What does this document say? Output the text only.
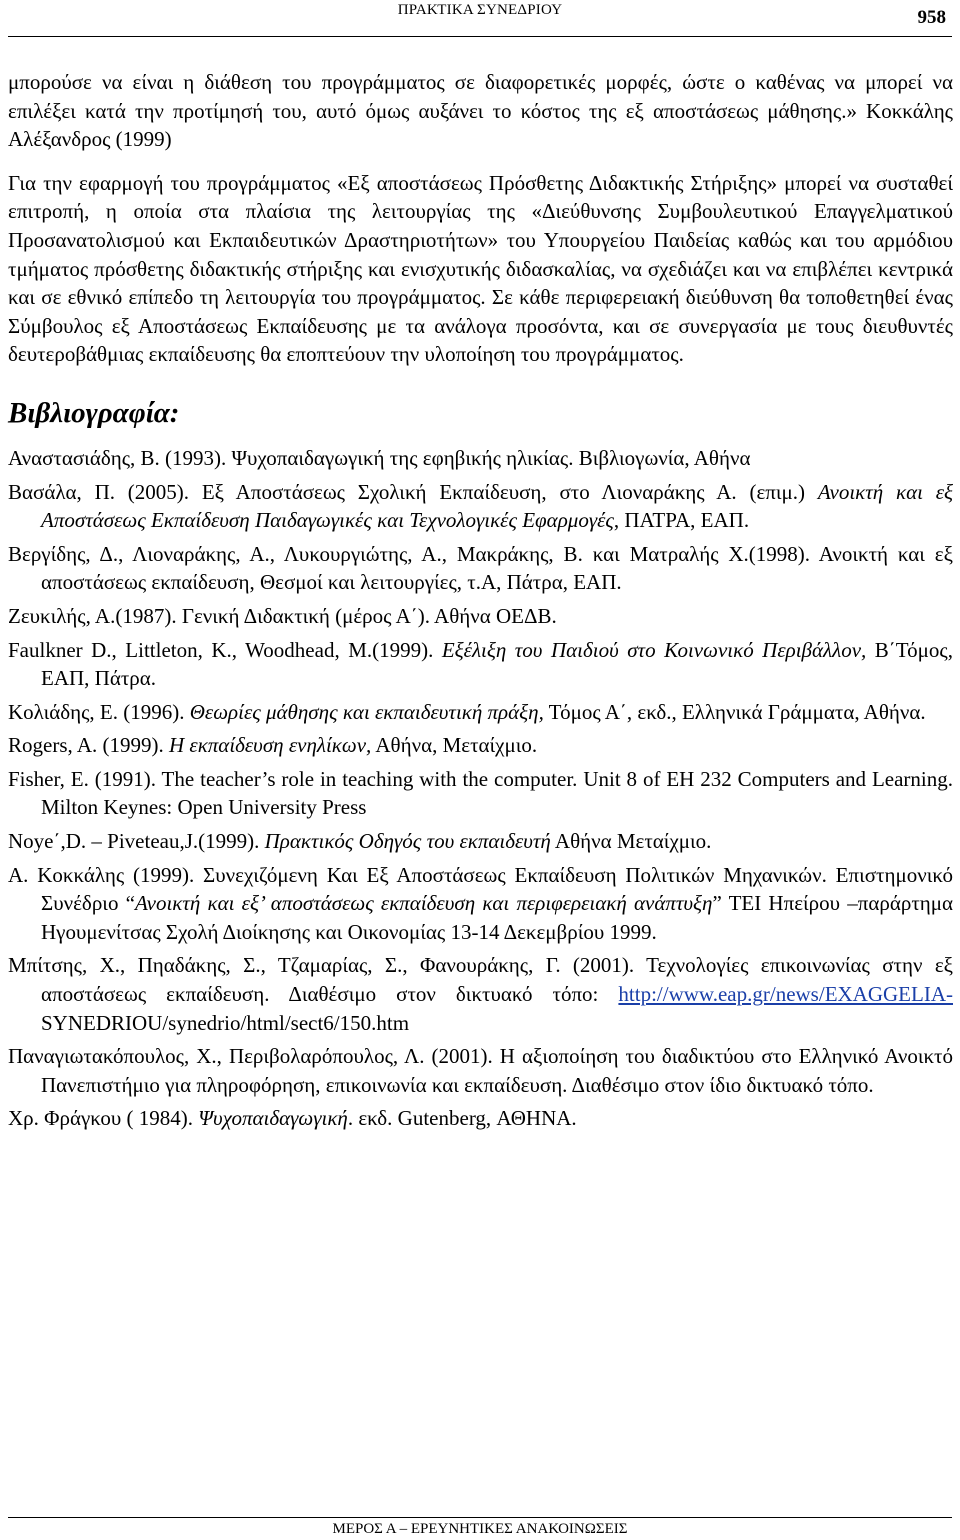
ΠΡΑΚΤΙΚΑ ΣΥΝΕΔΡΙΟΥ	958

μπορούσε να είναι η διάθεση του προγράμματος σε διαφορετικές μορφές, ώστε ο καθένας να μπορεί να επιλέξει κατά την προτίμησή του, αυτό όμως αυξάνει το κόστος της εξ αποστάσεως μάθησης.» Κοκκάλης Αλέξανδρος (1999)

Για την εφαρμογή του προγράμματος «Εξ αποστάσεως Πρόσθετης Διδακτικής Στήριξης» μπορεί να συσταθεί επιτροπή, η οποία στα πλαίσια της λειτουργίας της «Διεύθυνσης Συμβουλευτικού Επαγγελματικού Προσανατολισμού και Εκπαιδευτικών Δραστηριοτήτων» του Υπουργείου Παιδείας καθώς και του αρμόδιου τμήματος πρόσθετης διδακτικής στήριξης και ενισχυτικής διδασκαλίας, να σχεδιάζει και να επιβλέπει κεντρικά και σε εθνικό επίπεδο τη λειτουργία του προγράμματος. Σε κάθε περιφερειακή διεύθυνση θα τοποθετηθεί ένας Σύμβουλος εξ Αποστάσεως Εκπαίδευσης με τα ανάλογα προσόντα, και σε συνεργασία με τους διευθυντές δευτεροβάθμιας εκπαίδευσης θα εποπτεύουν την υλοποίηση του προγράμματος.

Βιβλιογραφία:

Αναστασιάδης, Β. (1993). Ψυχοπαιδαγωγική της εφηβικής ηλικίας. Βιβλιογωνία, Αθήνα

Βασάλα, Π. (2005). Εξ Αποστάσεως Σχολική Εκπαίδευση, στο Λιοναράκης Α. (επιμ.) Ανοικτή και εξ Αποστάσεως Εκπαίδευση Παιδαγωγικές και Τεχνολογικές Εφαρμογές, ΠΑΤΡΑ, ΕΑΠ.

Βεργίδης, Δ., Λιοναράκης, Α., Λυκουργιώτης, Α., Μακράκης, Β. και Ματραλής Χ.(1998). Ανοικτή και εξ αποστάσεως εκπαίδευση, Θεσμοί και λειτουργίες, τ.Α, Πάτρα, ΕΑΠ.

Ζευκιλής, Α.(1987). Γενική Διδακτική (μέρος Α΄). Αθήνα ΟΕΔΒ.

Faulkner D., Littleton, K., Woodhead, M.(1999). Εξέλιξη του Παιδιού στο Κοινωνικό Περιβάλλον, Β΄Τόμος, ΕΑΠ, Πάτρα.

Κολιάδης, Ε. (1996). Θεωρίες μάθησης και εκπαιδευτική πράξη, Τόμος Α΄, εκδ., Ελληνικά Γράμματα, Αθήνα.

Rogers, A. (1999). Η εκπαίδευση ενηλίκων, Αθήνα, Μεταίχμιο.

Fisher, E. (1991). The teacher’s role in teaching with the computer. Unit 8 of EH 232 Computers and Learning. Milton Keynes: Open University Press

Noye΄,D. – Piveteau,J.(1999). Πρακτικός Οδηγός του εκπαιδευτή Αθήνα Μεταίχμιο.

Α. Κοκκάλης (1999). Συνεχιζόμενη Και Εξ Αποστάσεως Εκπαίδευση Πολιτικών Μηχανικών. Επιστημονικό Συνέδριο “Ανοικτή και εξ’ αποστάσεως εκπαίδευση και περιφερειακή ανάπτυξη” ΤΕΙ Ηπείρου –παράρτημα Ηγουμενίτσας Σχολή Διοίκησης και Οικονομίας 13-14 Δεκεμβρίου 1999.

Μπίτσης, Χ., Πηαδάκης, Σ., Τζαμαρίας, Σ., Φανουράκης, Γ. (2001). Τεχνολογίες επικοινωνίας στην εξ αποστάσεως εκπαίδευση. Διαθέσιμο στον δικτυακό τόπο: http://www.eap.gr/news/EXAGGELIA-SYNEDRIOU/synedrio/html/sect6/150.htm

Παναγιωτακόπουλος, Χ., Περιβολαρόπουλος, Λ. (2001). Η αξιοποίηση του διαδικτύου στο Ελληνικό Ανοικτό Πανεπιστήμιο για πληροφόρηση, επικοινωνία και εκπαίδευση. Διαθέσιμο στον ίδιο δικτυακό τόπο.

Χρ. Φράγκου ( 1984). Ψυχοπαιδαγωγική. εκδ. Gutenberg, ΑΘΗΝΑ.

ΜΕΡΟΣ Α – ΕΡΕΥΝΗΤΙΚΕΣ ΑΝΑΚΟΙΝΩΣΕΙΣ
